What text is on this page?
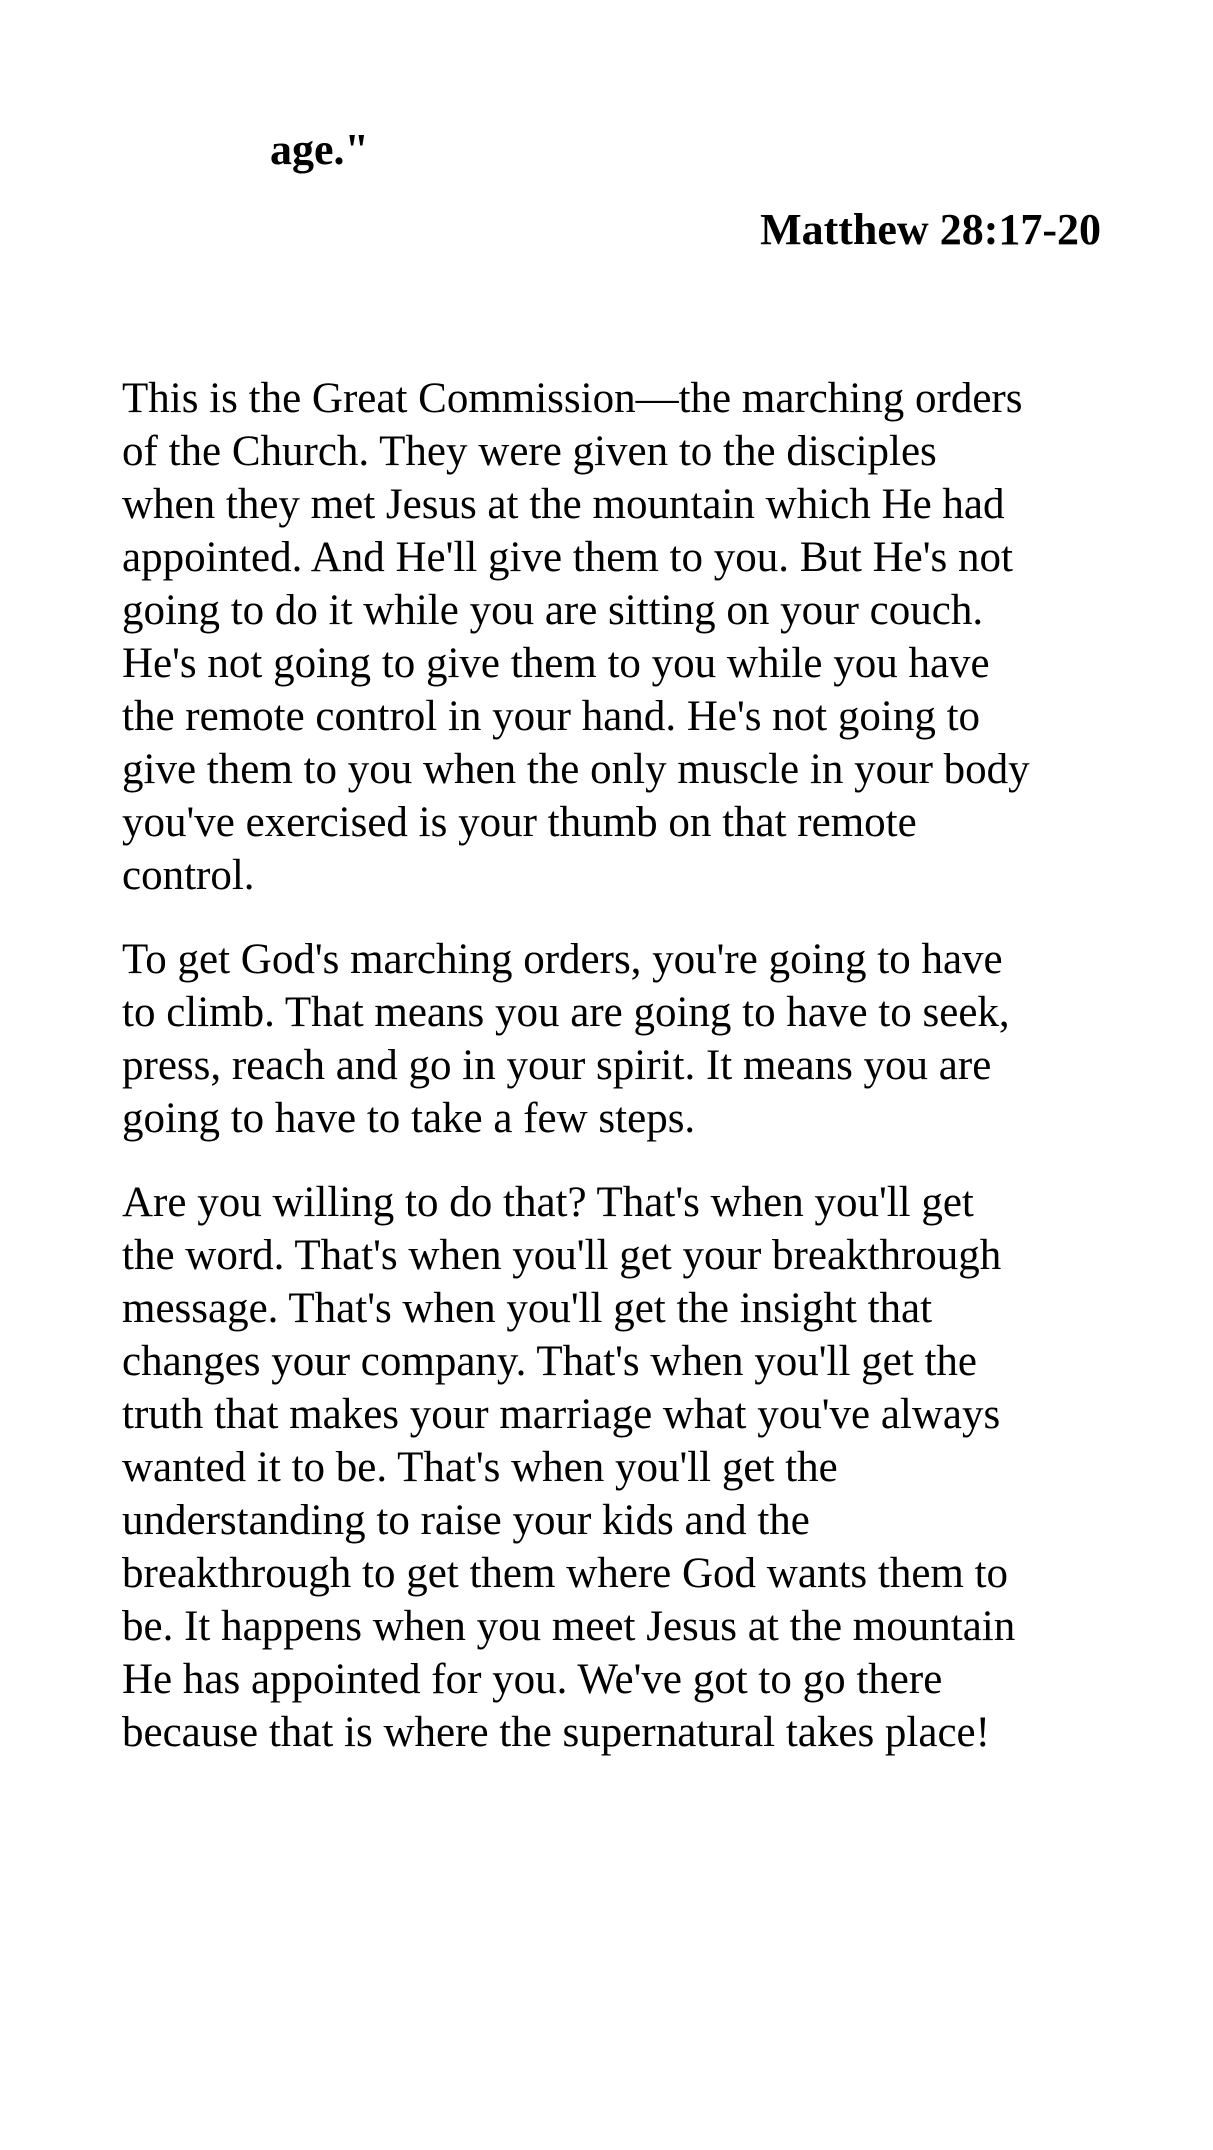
age."

Matthew 28:17-20

This is the Great Commission—the marching orders
of the Church. They were given to the disciples
when they met Jesus at the mountain which He had
appointed. And He'll give them to you. But He's not
going to do it while you are sitting on your couch.
He's not going to give them to you while you have
the remote control in your hand. He's not going to
give them to you when the only muscle in your body
you've exercised is your thumb on that remote
control.

To get God's marching orders, you're going to have
to climb. That means you are going to have to seek,
press, reach and go in your spirit. It means you are
going to have to take a few steps.

Are you willing to do that? That's when you'll get
the word. That's when you'll get your breakthrough
message. That's when you'll get the insight that
changes your company. That's when you'll get the
truth that makes your marriage what you've always
wanted it to be. That's when you'll get the
understanding to raise your kids and the
breakthrough to get them where God wants them to
be. It happens when you meet Jesus at the mountain
He has appointed for you. We've got to go there
because that is where the supernatural takes place!
